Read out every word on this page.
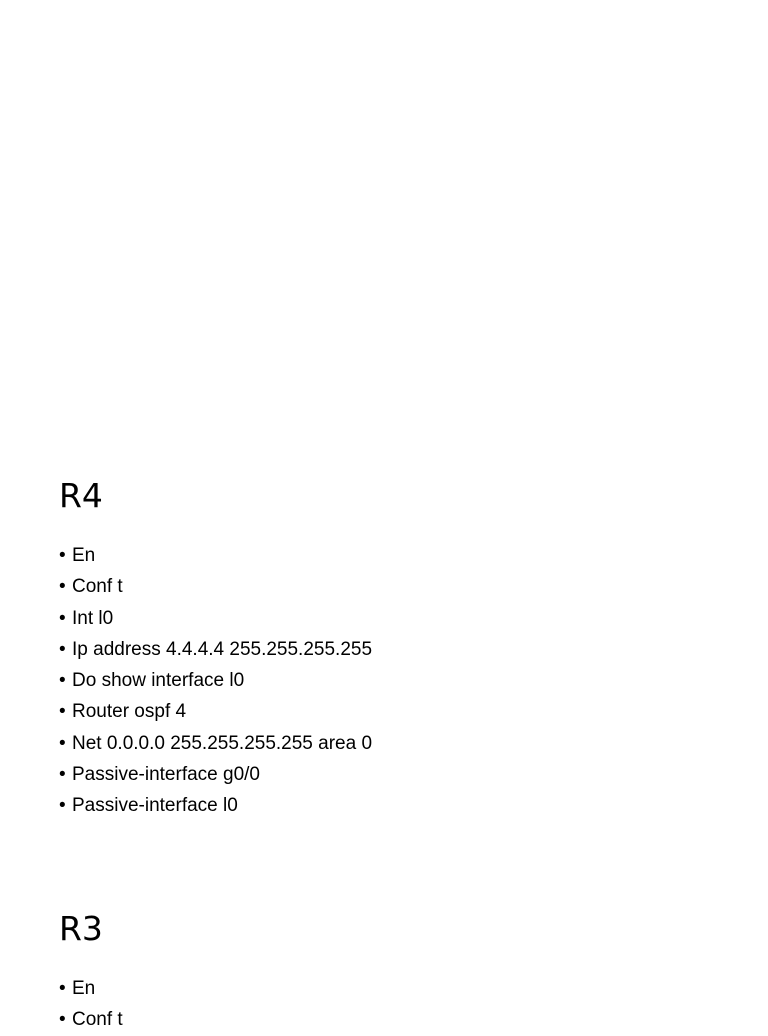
R4
• En
• Conf t
• Int l0
• Ip address 4.4.4.4 255.255.255.255
• Do show interface l0
• Router ospf 4
• Net 0.0.0.0 255.255.255.255 area 0
• Passive-interface g0/0
• Passive-interface l0
R3
• En
• Conf t
